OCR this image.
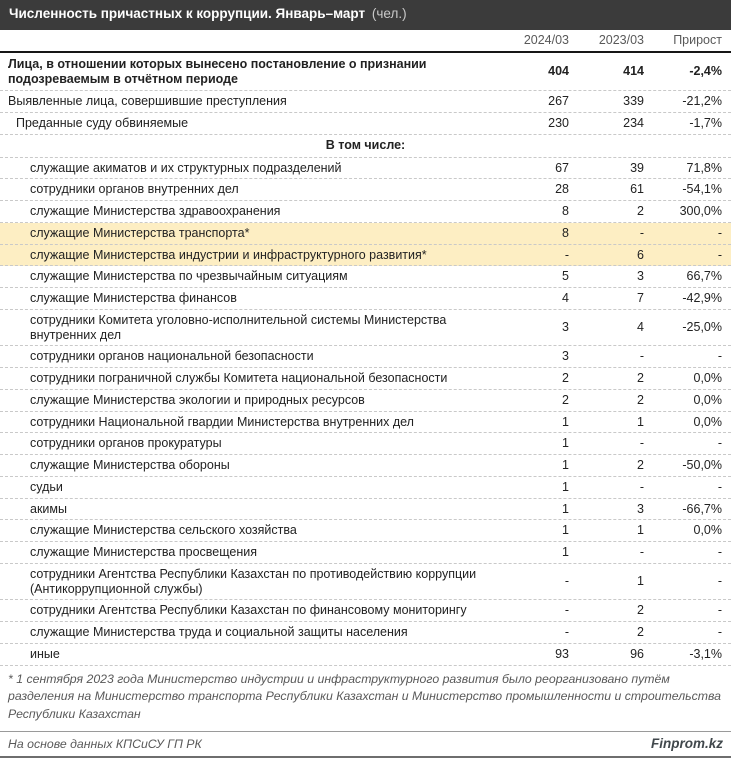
Численность причастных к коррупции. Январь–март (чел.)
2024/03	2023/03	Прирост
Лица, в отношении которых вынесено постановление о признании подозреваемым в отчётном периоде
404	414	-2,4%
Выявленные лица, совершившие преступления	267	339	-21,2%
Преданные суду обвиняемые	230	234	-1,7%
В том числе:
служащие акиматов и их структурных подразделений	67	39	71,8%
сотрудники органов внутренних дел	28	61	-54,1%
служащие Министерства здравоохранения	8	2	300,0%
служащие Министерства транспорта*	8	-	-
служащие Министерства индустрии и инфраструктурного развития*	-	6	-
служащие Министерства по чрезвычайным ситуациям	5	3	66,7%
служащие Министерства финансов	4	7	-42,9%
сотрудники Комитета уголовно-исполнительной системы Министерства внутренних дел
3	4	-25,0%
сотрудники органов национальной безопасности	3	-	-
сотрудники пограничной службы Комитета национальной безопасности	2	2	0,0%
служащие Министерства экологии и природных ресурсов	2	2	0,0%
сотрудники Национальной гвардии Министерства внутренних дел	1	1	0,0%
сотрудники органов прокуратуры	1	-	-
служащие Министерства обороны	1	2	-50,0%
судьи	1	-	-
акимы	1	3	-66,7%
служащие Министерства сельского хозяйства	1	1	0,0%
служащие Министерства просвещения	1	-	-
сотрудники Агентства Республики Казахстан по противодействию коррупции (Антикоррупционной службы)
-	1	-
сотрудники Агентства Республики Казахстан по финансовому мониторингу	-	2	-
служащие Министерства труда и социальной защиты населения	-	2	-
иные	93	96	-3,1%
* 1 сентября 2023 года Министерство индустрии и инфраструктурного развития было реорганизовано путём разделения на Министерство транспорта Республики Казахстан и Министерство промышленности и строительства Республики Казахстан
На основе данных КПСиСУ ГП РК	Finprom.kz
